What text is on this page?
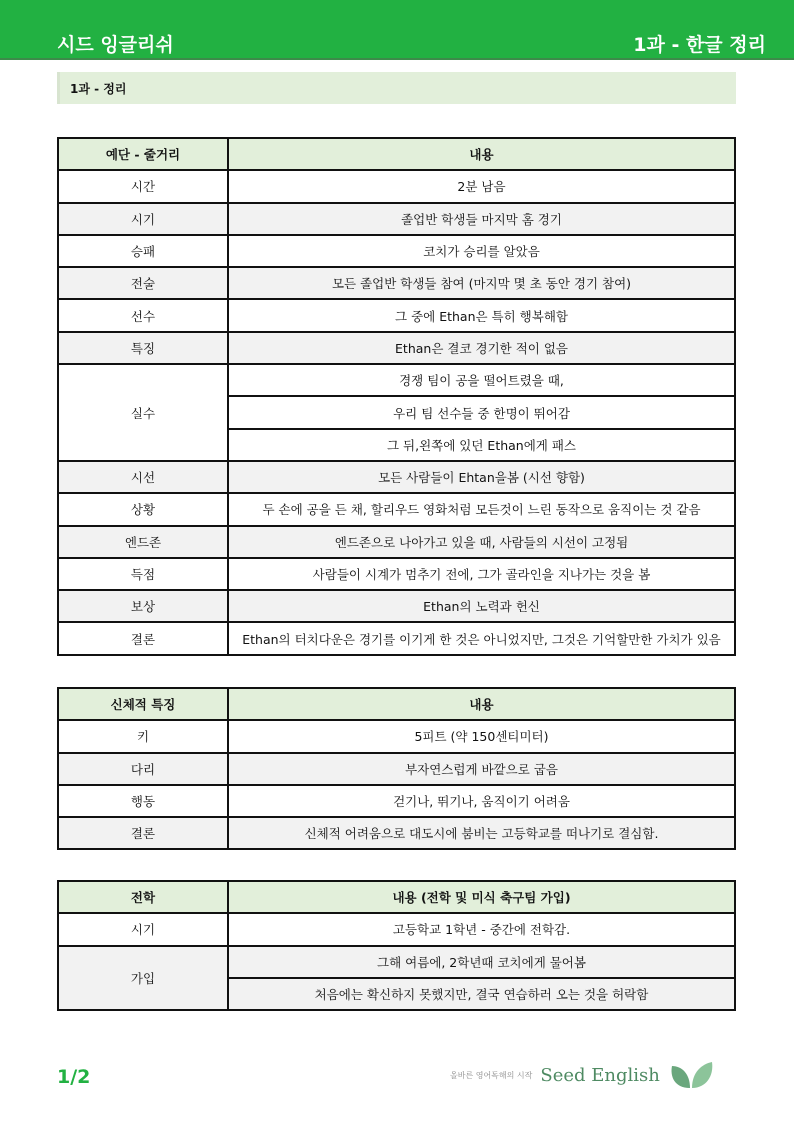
시드 잉글리쉬	1과 - 한글 정리
1과 - 정리
예단 - 줄거리	내용
시간	2분 남음
시기	졸업반 학생들 마지막 홈 경기
승패	코치가 승리를 알았음
전술	모든 졸업반 학생들 참여 (마지막 몇 초 동안 경기 참여)
선수	그 중에 Ethan은 특히 행복해함
특징	Ethan은 결코 경기한 적이 없음
실수	경쟁 팀이 공을 떨어트렸을 때,
	우리 팀 선수들 중 한명이 뛰어감
	그 뒤,왼쪽에 있던 Ethan에게 패스
시선	모든 사람들이 Ehtan을봄 (시선 향함)
상황	두 손에 공을 든 채, 할리우드 영화처럼 모든것이 느린 동작으로 움직이는 것 같음
엔드존	엔드존으로 나아가고 있을 때, 사람들의 시선이 고정됨
득점	사람들이 시계가 멈추기 전에, 그가 골라인을 지나가는 것을 봄
보상	Ethan의 노력과 헌신
결론	Ethan의 터치다운은 경기를 이기게 한 것은 아니었지만, 그것은 기억할만한 가치가 있음
신체적 특징	내용
키	5피트 (약 150센티미터)
다리	부자연스럽게 바깥으로 굽음
행동	걷기나, 뛰기나, 움직이기 어려움
결론	신체적 어려움으로 대도시에 붐비는 고등학교를 떠나기로 결심함.
전학	내용 (전학 및 미식 축구팀 가입)
시기	고등학교 1학년 - 중간에 전학감.
가입	그해 여름에, 2학년때 코치에게 물어봄
	처음에는 확신하지 못했지만, 결국 연습하러 오는 것을 허락함
1/2	올바른 영어독해의 시작 Seed English
